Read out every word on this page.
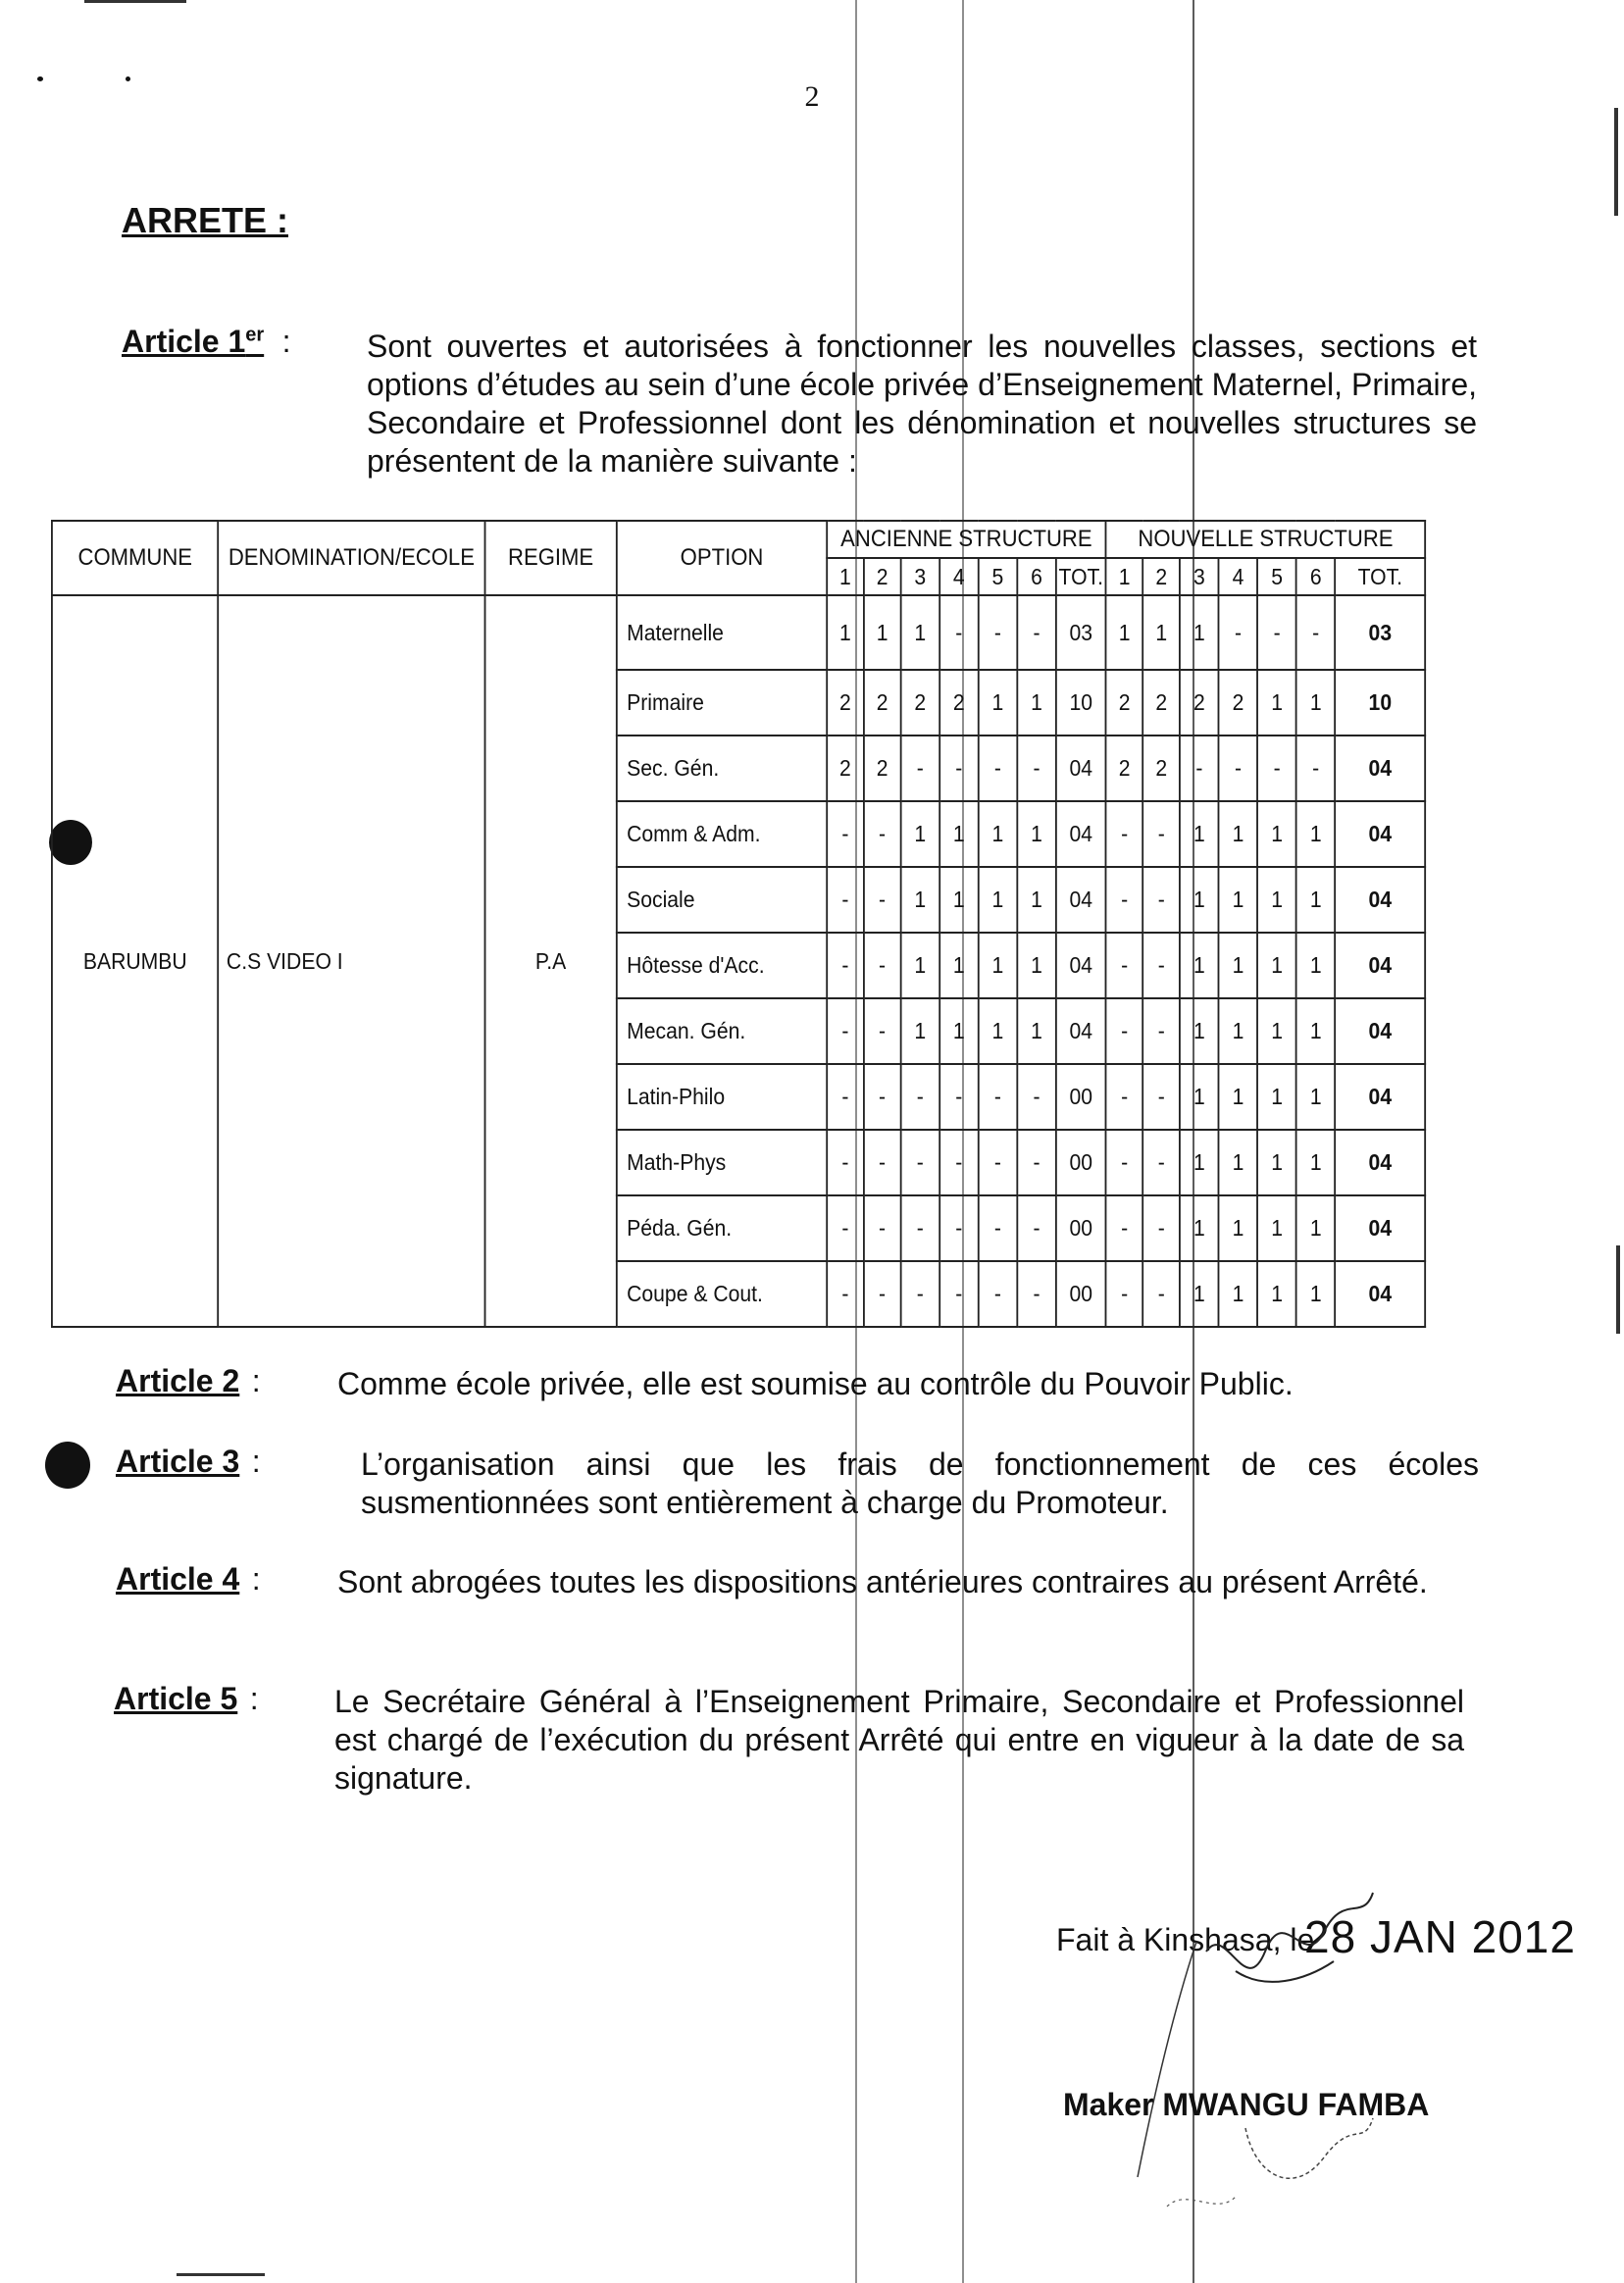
2
ARRETE :
Article 1er : Sont ouvertes et autorisées à fonctionner les nouvelles classes, sections et options d’études au sein d’une école privée d’Enseignement Maternel, Primaire, Secondaire et Professionnel dont les dénomination et nouvelles structures se présentent de la manière suivante :
COMMUNE	DENOMINATION/ECOLE	REGIME	OPTION	ANCIENNE STRUCTURE							NOUVELLE STRUCTURE						
				1	2	3	4	5	6	TOT.	1	2	3	4	5	6	TOT.
BARUMBU	C.S VIDEO I	P.A	Maternelle	1	1	1	-	-	-	03	1	1	1	-	-	-	03
			Primaire	2	2	2	2	1	1	10	2	2	2	2	1	1	10
			Sec. Gén.	2	2	-	-	-	-	04	2	2	-	-	-	-	04
			Comm & Adm.	-	-	1	1	1	1	04	-	-	1	1	1	1	04
			Sociale	-	-	1	1	1	1	04	-	-	1	1	1	1	04
			Hôtesse d'Acc.	-	-	1	1	1	1	04	-	-	1	1	1	1	04
			Mecan. Gén.	-	-	1	1	1	1	04	-	-	1	1	1	1	04
			Latin-Philo	-	-	-	-	-	-	00	-	-	1	1	1	1	04
			Math-Phys	-	-	-	-	-	-	00	-	-	1	1	1	1	04
			Péda. Gén.	-	-	-	-	-	-	00	-	-	1	1	1	1	04
			Coupe & Cout.	-	-	-	-	-	-	00	-	-	1	1	1	1	04
Article 2 : Comme école privée, elle est soumise au contrôle du Pouvoir Public.
Article 3 :	L’organisation ainsi que les frais de fonctionnement de ces écoles susmentionnées sont entièrement à charge du Promoteur.
Article 4 : Sont abrogées toutes les dispositions antérieures contraires au présent Arrêté.
Article 5 : Le Secrétaire Général à l’Enseignement Primaire, Secondaire et Professionnel est chargé de l’exécution du présent Arrêté qui entre en vigueur à la date de sa signature.
Fait à Kinshasa, le
28 JAN 2012
Maker MWANGU FAMBA
